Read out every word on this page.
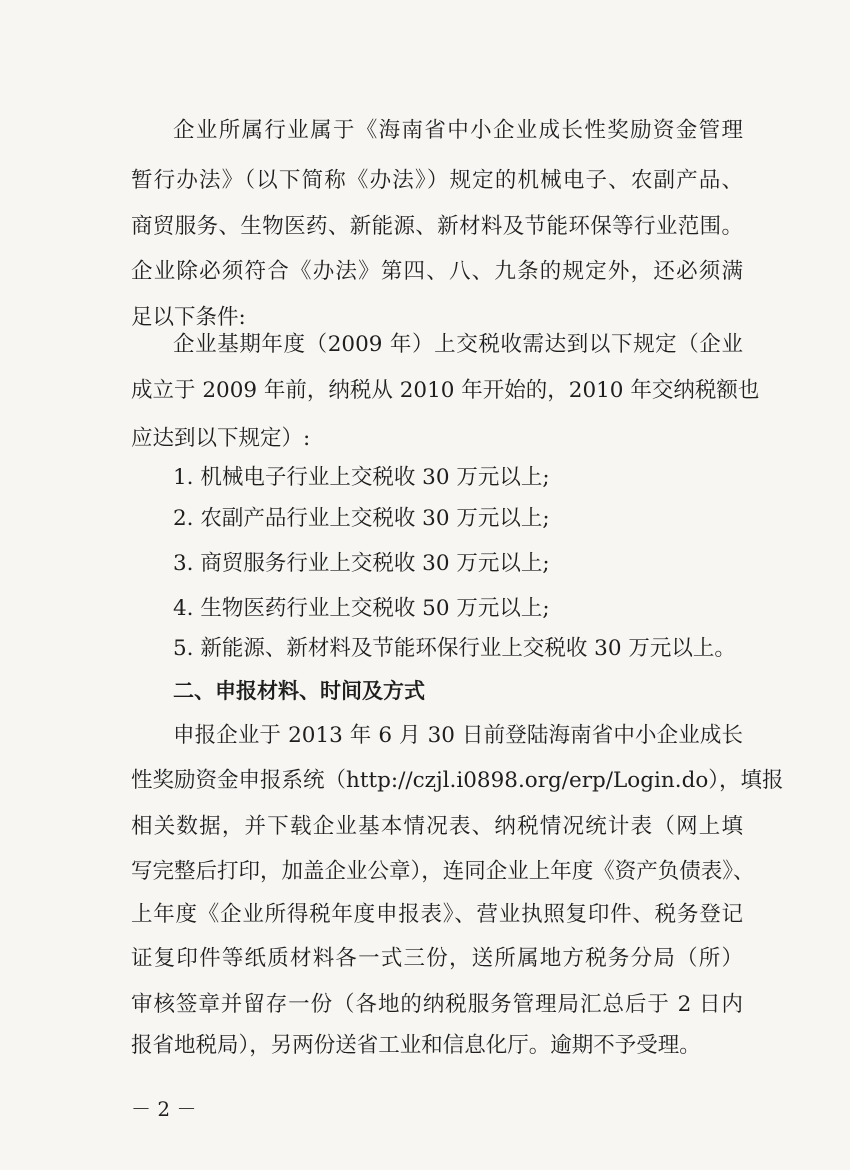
企业所属行业属于《海南省中小企业成长性奖励资金管理
暂行办法》（以下简称《办法》）规定的机械电子、农副产品、
商贸服务、生物医药、新能源、新材料及节能环保等行业范围。
企业除必须符合《办法》第四、八、九条的规定外，还必须满
足以下条件:
企业基期年度（2009 年）上交税收需达到以下规定（企业
成立于 2009 年前，纳税从 2010 年开始的，2010 年交纳税额也
应达到以下规定）:
1. 机械电子行业上交税收 30 万元以上;
2. 农副产品行业上交税收 30 万元以上;
3. 商贸服务行业上交税收 30 万元以上;
4. 生物医药行业上交税收 50 万元以上;
5. 新能源、新材料及节能环保行业上交税收 30 万元以上。
二、申报材料、时间及方式
申报企业于 2013 年 6 月 30 日前登陆海南省中小企业成长
性奖励资金申报系统（http://czjl.i0898.org/erp/Login.do），填报
相关数据，并下载企业基本情况表、纳税情况统计表（网上填
写完整后打印，加盖企业公章），连同企业上年度《资产负债表》、
上年度《企业所得税年度申报表》、营业执照复印件、税务登记
证复印件等纸质材料各一式三份，送所属地方税务分局（所）
审核签章并留存一份（各地的纳税服务管理局汇总后于 2 日内
报省地税局），另两份送省工业和信息化厅。逾期不予受理。
－ 2 －
